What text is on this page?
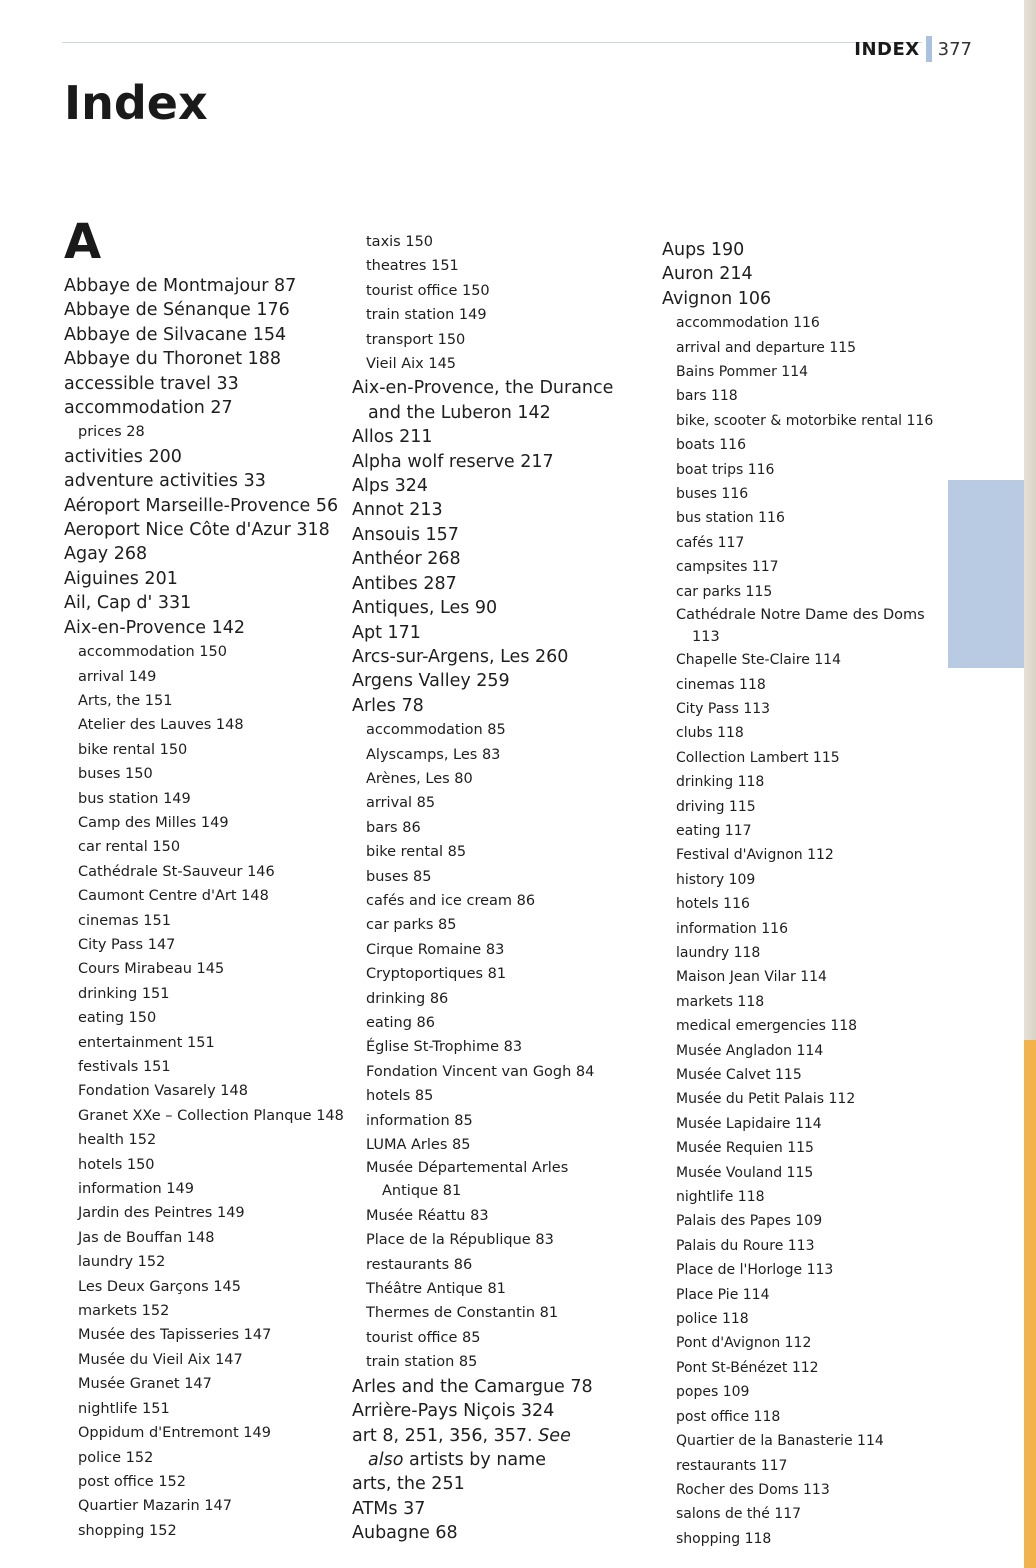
INDEX 377
Index
A
Abbaye de Montmajour 87
Abbaye de Sénanque 176
Abbaye de Silvacane 154
Abbaye du Thoronet 188
accessible travel 33
accommodation 27
prices 28
activities 200
adventure activities 33
Aéroport Marseille-Provence 56
Aeroport Nice Côte d'Azur 318
Agay 268
Aiguines 201
Ail, Cap d' 331
Aix-en-Provence 142
accommodation 150
arrival 149
Arts, the 151
Atelier des Lauves 148
bike rental 150
buses 150
bus station 149
Camp des Milles 149
car rental 150
Cathédrale St-Sauveur 146
Caumont Centre d'Art 148
cinemas 151
City Pass 147
Cours Mirabeau 145
drinking 151
eating 150
entertainment 151
festivals 151
Fondation Vasarely 148
Granet XXe – Collection Planque 148
health 152
hotels 150
information 149
Jardin des Peintres 149
Jas de Bouffan 148
laundry 152
Les Deux Garçons 145
markets 152
Musée des Tapisseries 147
Musée du Vieil Aix 147
Musée Granet 147
nightlife 151
Oppidum d'Entremont 149
police 152
post office 152
Quartier Mazarin 147
shopping 152
taxis 150
theatres 151
tourist office 150
train station 149
transport 150
Vieil Aix 145
Aix-en-Provence, the Durance
and the Luberon 142
Allos 211
Alpha wolf reserve 217
Alps 324
Annot 213
Ansouis 157
Anthéor 268
Antibes 287
Antiques, Les 90
Apt 171
Arcs-sur-Argens, Les 260
Argens Valley 259
Arles 78
accommodation 85
Alyscamps, Les 83
Arènes, Les 80
arrival 85
bars 86
bike rental 85
buses 85
cafés and ice cream 86
car parks 85
Cirque Romaine 83
Cryptoportiques 81
drinking 86
eating 86
Église St-Trophime 83
Fondation Vincent van Gogh 84
hotels 85
information 85
LUMA Arles 85
Musée Départemental Arles
Antique 81
Musée Réattu 83
Place de la République 83
restaurants 86
Théâtre Antique 81
Thermes de Constantin 81
tourist office 85
train station 85
Arles and the Camargue 78
Arrière-Pays Niçois 324
art 8, 251, 356, 357. See
also artists by name
arts, the 251
ATMs 37
Aubagne 68
Aups 190
Auron 214
Avignon 106
accommodation 116
arrival and departure 115
Bains Pommer 114
bars 118
bike, scooter & motorbike rental 116
boats 116
boat trips 116
buses 116
bus station 116
cafés 117
campsites 117
car parks 115
Cathédrale Notre Dame des Doms
113
Chapelle Ste-Claire 114
cinemas 118
City Pass 113
clubs 118
Collection Lambert 115
drinking 118
driving 115
eating 117
Festival d'Avignon 112
history 109
hotels 116
information 116
laundry 118
Maison Jean Vilar 114
markets 118
medical emergencies 118
Musée Angladon 114
Musée Calvet 115
Musée du Petit Palais 112
Musée Lapidaire 114
Musée Requien 115
Musée Vouland 115
nightlife 118
Palais des Papes 109
Palais du Roure 113
Place de l'Horloge 113
Place Pie 114
police 118
Pont d'Avignon 112
Pont St-Bénézet 112
popes 109
post office 118
Quartier de la Banasterie 114
restaurants 117
Rocher des Doms 113
salons de thé 117
shopping 118
